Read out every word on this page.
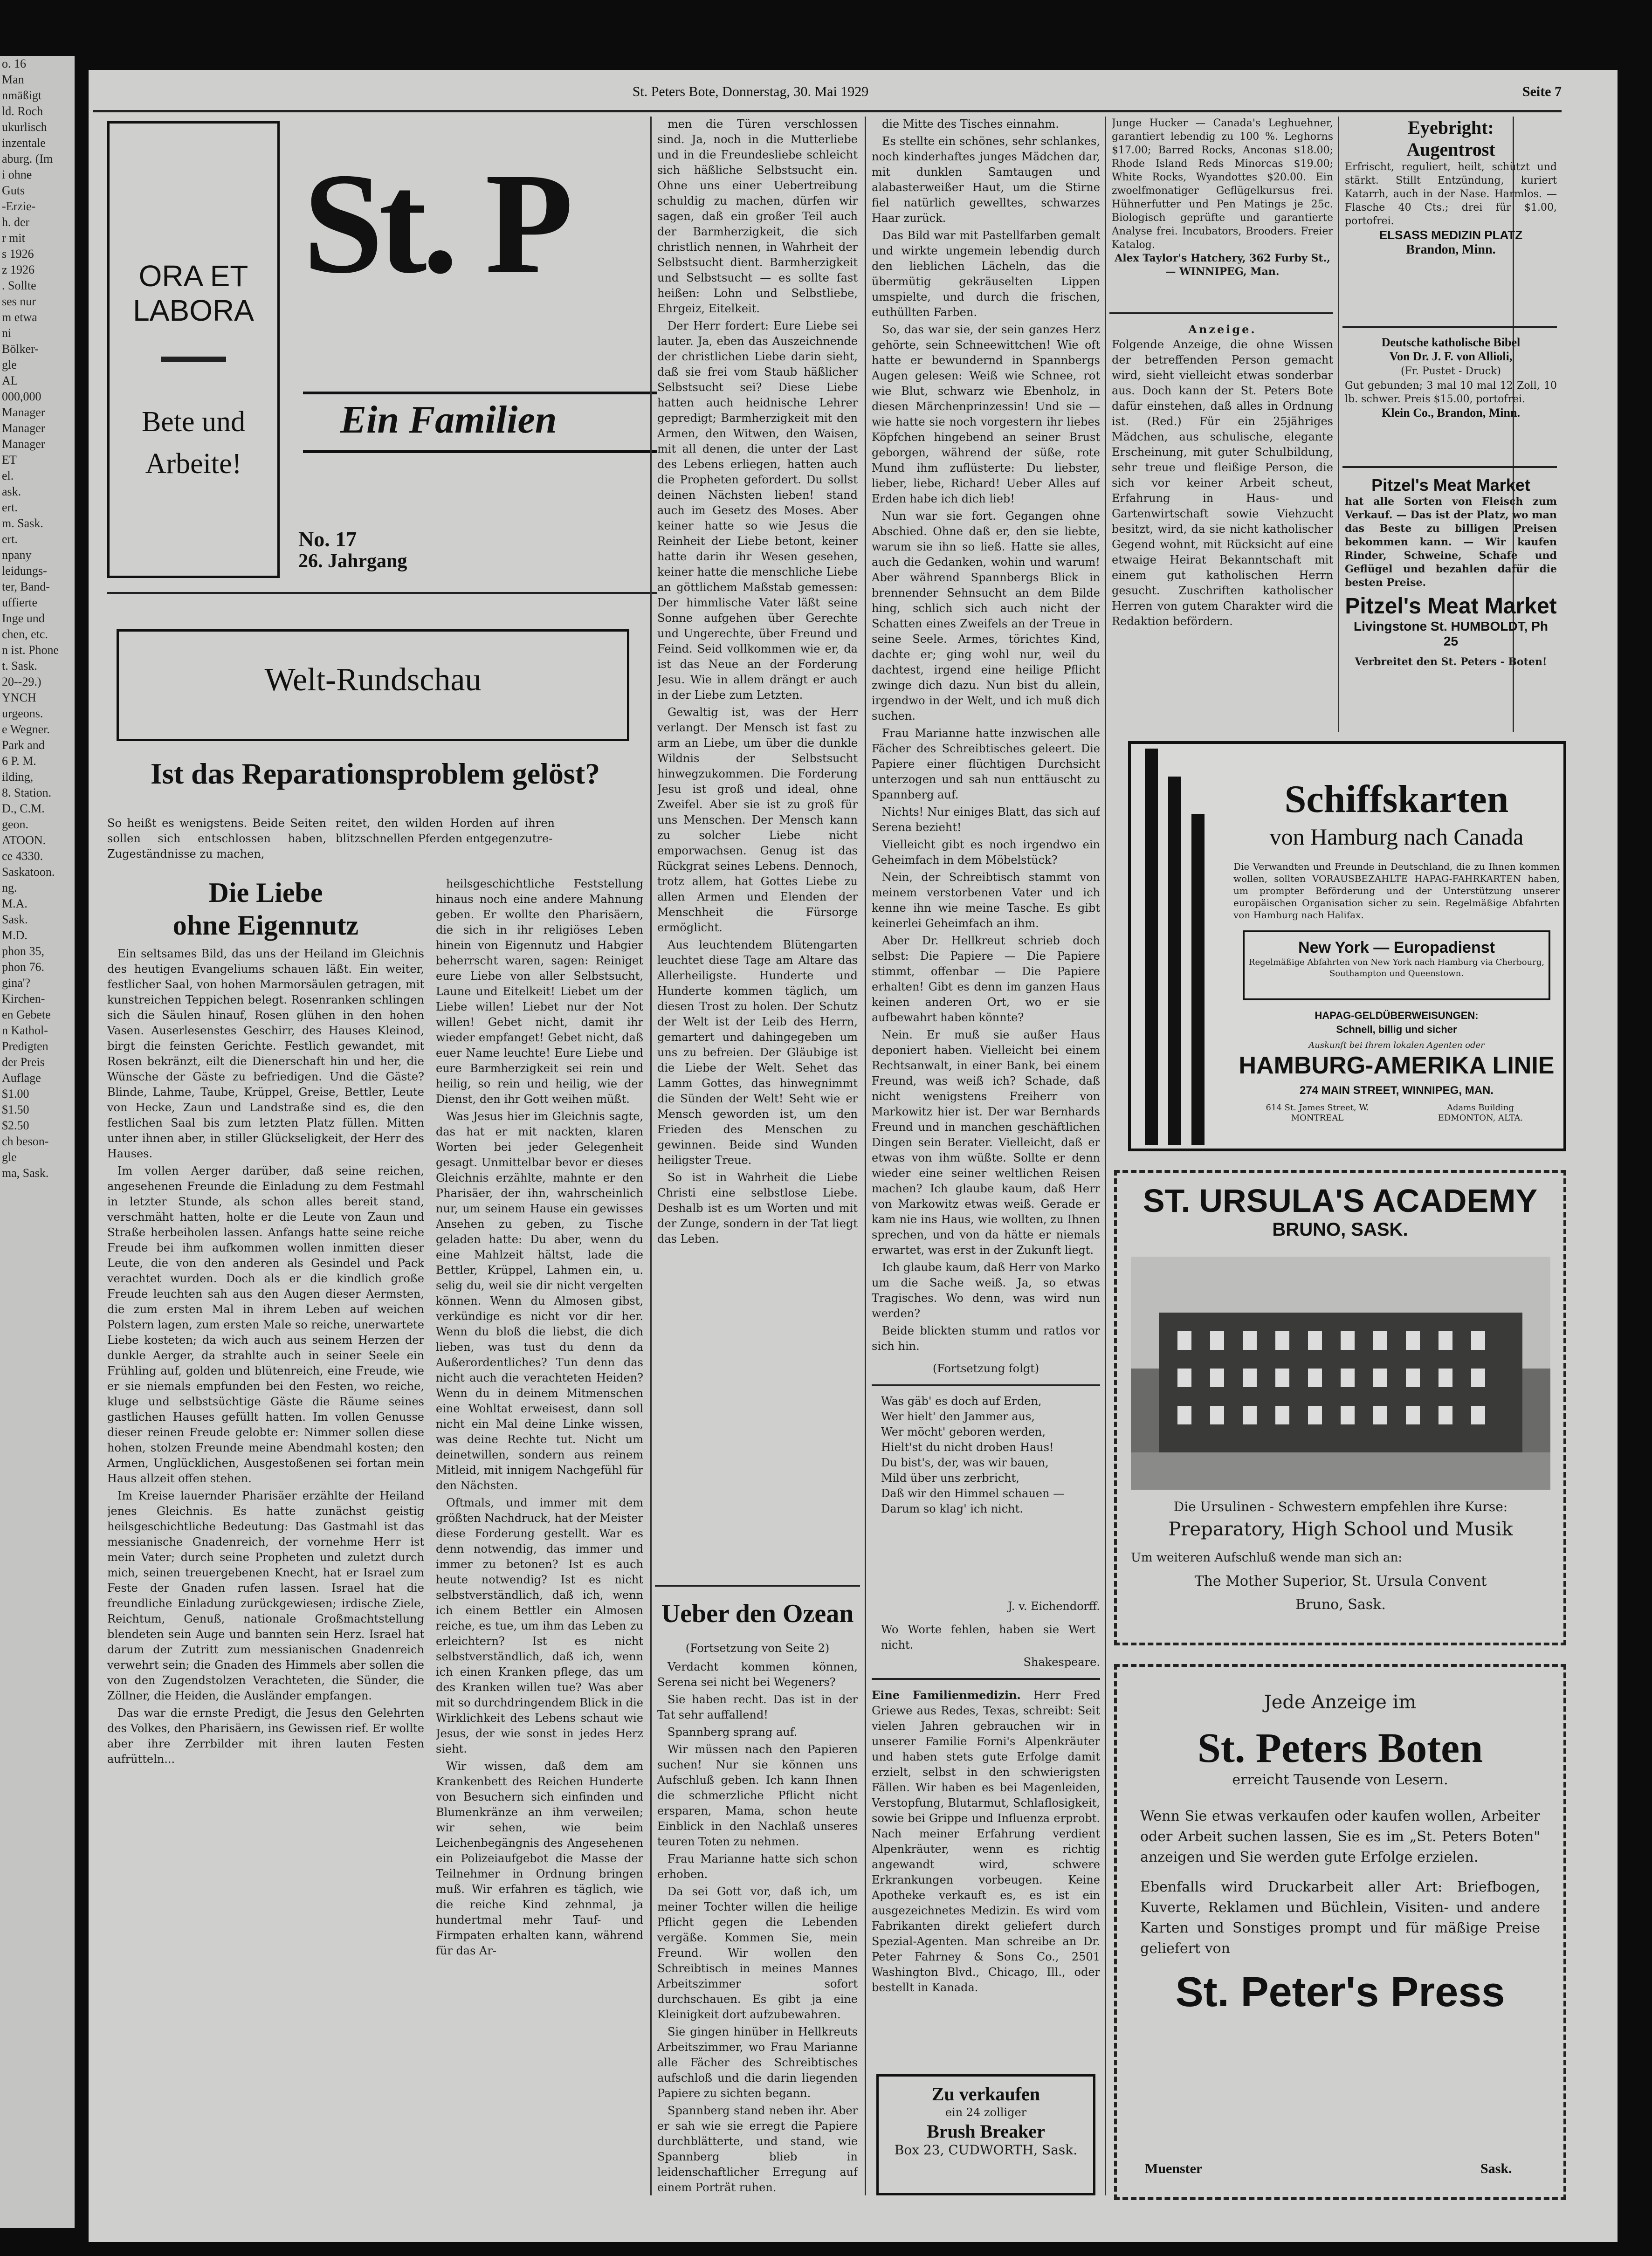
o. 16
Man
nmäßigt
ld. Roch
ukurlisch
inzentale
aburg. (Im
i ohne
Guts
-Erzie-
h. der
r mit
s 1926
z 1926
. Sollte
ses nur
m etwa
ni
Bölker-
gle
AL
000,000
Manager
Manager
Manager
ET
el.
ask.
ert.
m. Sask.
ert.
npany
leidungs-
ter, Band-
uffierte
Inge und
chen, etc.
n ist. Phone
t. Sask.
20--29.)
YNCH
urgeons.
e Wegner.
Park and
6 P. M.
ilding,
8. Station.
D., C.M.
geon.
ATOON.
ce 4330.
Saskatoon.
ng.
M.A.
Sask.
M.D.
phon 35,
phon 76.
gina'?
Kirchen-
en Gebete
n Kathol-
Predigten
der Preis
Auflage
$1.00
$1.50
$2.50
ch beson-
gle
ma, Sask.
St. Peters Bote, Donnerstag, 30. Mai 1929	Seite 7
ORA ET
LABORA
Bete und
Arbeite!
St. P
Ein Familien
No. 17
26. Jahrgang
Welt-Rundschau
Ist das Reparationsproblem gelöst?
So heißt es wenigstens. Beide Seiten sollen sich entschlossen haben, Zugeständnisse zu machen,
reitet, den wilden Horden auf ihren blitzschnellen Pferden entgegenzutre-
Die Liebe
ohne Eigennutz

Ein seltsames Bild, das uns der Heiland im Gleichnis des heutigen Evangeliums schauen läßt. Ein weiter, festlicher Saal, von hohen Marmorsäulen getragen, mit kunstreichen Teppichen belegt. Rosenranken schlingen sich die Säulen hinauf, Rosen glühen in den hohen Vasen. Auserlesenstes Geschirr, des Hauses Kleinod, birgt die feinsten Gerichte. Festlich gewandet, mit Rosen bekränzt, eilt die Dienerschaft hin und her, die Wünsche der Gäste zu befriedigen. Und die Gäste? Blinde, Lahme, Taube, Krüppel, Greise, Bettler, Leute von Hecke, Zaun und Landstraße sind es, die den festlichen Saal bis zum letzten Platz füllen. Mitten unter ihnen aber, in stiller Glückseligkeit, der Herr des Hauses.

Im vollen Aerger darüber, daß seine reichen, angesehenen Freunde die Einladung zu dem Festmahl in letzter Stunde, als schon alles bereit stand, verschmäht hatten, holte er die Leute von Zaun und Straße herbeiholen lassen. Anfangs hatte seine reiche Freude bei ihm aufkommen wollen inmitten dieser Leute, die von den anderen als Gesindel und Pack verachtet wurden. Doch als er die kindlich große Freude leuchten sah aus den Augen dieser Aermsten, die zum ersten Mal in ihrem Leben auf weichen Polstern lagen, zum ersten Male so reiche, unerwartete Liebe kosteten; da wich auch aus seinem Herzen der dunkle Aerger, da strahlte auch in seiner Seele ein Frühling auf, golden und blütenreich, eine Freude, wie er sie niemals empfunden bei den Festen, wo reiche, kluge und selbstsüchtige Gäste die Räume seines gastlichen Hauses gefüllt hatten. Im vollen Genusse dieser reinen Freude gelobte er: Nimmer sollen diese hohen, stolzen Freunde meine Abendmahl kosten; den Armen, Unglücklichen, Ausgestoßenen sei fortan mein Haus allzeit offen stehen.

Im Kreise lauernder Pharisäer erzählte der Heiland jenes Gleichnis. Es hatte zunächst geistig heilsgeschichtliche Bedeutung: Das Gastmahl ist das messianische Gnadenreich, der vornehme Herr ist mein Vater; durch seine Propheten und zuletzt durch mich, seinen treuergebenen Knecht, hat er Israel zum Feste der Gnaden rufen lassen. Israel hat die freundliche Einladung zurückgewiesen; irdische Ziele, Reichtum, Genuß, nationale Großmachtstellung blendeten sein Auge und bannten sein Herz. Israel hat darum der Zutritt zum messianischen Gnadenreich verwehrt sein; die Gnaden des Himmels aber sollen die von den Zugendstolzen Verachteten, die Sünder, die Zöllner, die Heiden, die Ausländer empfangen.

Das war die ernste Predigt, die Jesus den Gelehrten des Volkes, den Pharisäern, ins Gewissen rief. Er wollte aber ihre Zerrbilder mit ihren lauten Festen aufrütteln...

heilsgeschichtliche Feststellung hinaus noch eine andere Mahnung geben. Er wollte den Pharisäern, die sich in ihr religiöses Leben hinein von Eigennutz und Habgier beherrscht waren, sagen: Reiniget eure Liebe von aller Selbstsucht, Laune und Eitelkeit! Liebet um der Liebe willen! Liebet nur der Not willen! Gebet nicht, damit ihr wieder empfanget! Gebet nicht, daß euer Name leuchte! Eure Liebe und eure Barmherzigkeit sei rein und heilig, so rein und heilig, wie der Dienst, den ihr Gott weihen müßt.

Was Jesus hier im Gleichnis sagte, das hat er mit nackten, klaren Worten bei jeder Gelegenheit gesagt. Unmittelbar bevor er dieses Gleichnis erzählte, mahnte er den Pharisäer, der ihn, wahrscheinlich nur, um seinem Hause ein gewisses Ansehen zu geben, zu Tische geladen hatte: Du aber, wenn du eine Mahlzeit hältst, lade die Bettler, Krüppel, Lahmen ein, u. selig du, weil sie dir nicht vergelten können. Wenn du Almosen gibst, verkündige es nicht vor dir her. Wenn du bloß die liebst, die dich lieben, was tust du denn da Außerordentliches? Tun denn das nicht auch die verachteten Heiden? Wenn du in deinem Mitmenschen eine Wohltat erweisest, dann soll nicht ein Mal deine Linke wissen, was deine Rechte tut. Nicht um deinetwillen, sondern aus reinem Mitleid, mit innigem Nachgefühl für den Nächsten.

Oftmals, und immer mit dem größten Nachdruck, hat der Meister diese Forderung gestellt. War es denn notwendig, das immer und immer zu betonen? Ist es auch heute notwendig? Ist es nicht selbstverständlich, daß ich, wenn ich einem Bettler ein Almosen reiche, es tue, um ihm das Leben zu erleichtern? Ist es nicht selbstverständlich, daß ich, wenn ich einen Kranken pflege, das um des Kranken willen tue? Was aber mit so durchdringendem Blick in die Wirklichkeit des Lebens schaut wie Jesus, der wie sonst in jedes Herz sieht.

Wir wissen, daß dem am Krankenbett des Reichen Hunderte von Besuchern sich einfinden und Blumenkränze an ihm verweilen; wir sehen, wie beim Leichenbegängnis des Angesehenen ein Polizeiaufgebot die Masse der Teilnehmer in Ordnung bringen muß. Wir erfahren es täglich, wie die reiche Kind zehnmal, ja hundertmal mehr Tauf- und Firmpaten erhalten kann, während für das Ar-

men die Türen verschlossen sind. Ja, noch in die Mutterliebe und in die Freundesliebe schleicht sich häßliche Selbstsucht ein. Ohne uns einer Uebertreibung schuldig zu machen, dürfen wir sagen, daß ein großer Teil auch der Barmherzigkeit, die sich christlich nennen, in Wahrheit der Selbstsucht dient. Barmherzigkeit und Selbstsucht — es sollte fast heißen: Lohn und Selbstliebe, Ehrgeiz, Eitelkeit.

Der Herr fordert: Eure Liebe sei lauter. Ja, eben das Auszeichnende der christlichen Liebe darin sieht, daß sie frei vom Staub häßlicher Selbstsucht sei? Diese Liebe hatten auch heidnische Lehrer gepredigt; Barmherzigkeit mit den Armen, den Witwen, den Waisen, mit all denen, die unter der Last des Lebens erliegen, hatten auch die Propheten gefordert. Du sollst deinen Nächsten lieben! stand auch im Gesetz des Moses. Aber keiner hatte so wie Jesus die Reinheit der Liebe betont, keiner hatte darin ihr Wesen gesehen, keiner hatte die menschliche Liebe an göttlichem Maßstab gemessen: Der himmlische Vater läßt seine Sonne aufgehen über Gerechte und Ungerechte, über Freund und Feind. Seid vollkommen wie er, da ist das Neue an der Forderung Jesu. Wie in allem drängt er auch in der Liebe zum Letzten.

Gewaltig ist, was der Herr verlangt. Der Mensch ist fast zu arm an Liebe, um über die dunkle Wildnis der Selbstsucht hinwegzukommen. Die Forderung Jesu ist groß und ideal, ohne Zweifel. Aber sie ist zu groß für uns Menschen. Der Mensch kann zu solcher Liebe nicht emporwachsen. Genug ist das Rückgrat seines Lebens. Dennoch, trotz allem, hat Gottes Liebe zu allen Armen und Elenden der Menschheit die Fürsorge ermöglicht.

Aus leuchtendem Blütengarten leuchtet diese Tage am Altare das Allerheiligste. Hunderte und Hunderte kommen täglich, um diesen Trost zu holen. Der Schutz der Welt ist der Leib des Herrn, gemartert und dahingegeben um uns zu befreien. Der Gläubige ist die Liebe der Welt. Sehet das Lamm Gottes, das hinwegnimmt die Sünden der Welt! Seht wie er Mensch geworden ist, um den Frieden des Menschen zu gewinnen. Beide sind Wunden heiligster Treue.

So ist in Wahrheit die Liebe Christi eine selbstlose Liebe. Deshalb ist es um Worten und mit der Zunge, sondern in der Tat liegt das Leben.

Ueber den Ozean
(Fortsetzung von Seite 2)

Verdacht kommen können, Serena sei nicht bei Wegeners?

Sie haben recht. Das ist in der Tat sehr auffallend!

Spannberg sprang auf.

Wir müssen nach den Papieren suchen! Nur sie können uns Aufschluß geben. Ich kann Ihnen die schmerzliche Pflicht nicht ersparen, Mama, schon heute Einblick in den Nachlaß unseres teuren Toten zu nehmen.

Frau Marianne hatte sich schon erhoben.

Da sei Gott vor, daß ich, um meiner Tochter willen die heilige Pflicht gegen die Lebenden vergäße. Kommen Sie, mein Freund. Wir wollen den Schreibtisch in meines Mannes Arbeitszimmer sofort durchschauen. Es gibt ja eine Kleinigkeit dort aufzubewahren.

Sie gingen hinüber in Hellkreuts Arbeitszimmer, wo Frau Marianne alle Fächer des Schreibtisches aufschloß und die darin liegenden Papiere zu sichten begann.

Spannberg stand neben ihr. Aber er sah wie sie erregt die Papiere durchblätterte, und stand, wie Spannberg blieb in leidenschaftlicher Erregung auf einem Porträt ruhen.

die Mitte des Tisches einnahm.

Es stellte ein schönes, sehr schlankes, noch kinderhaftes junges Mädchen dar, mit dunklen Samtaugen und alabasterweißer Haut, um die Stirne fiel natürlich gewelltes, schwarzes Haar zurück.

Das Bild war mit Pastellfarben gemalt und wirkte ungemein lebendig durch den lieblichen Lächeln, das die übermütig gekräuselten Lippen umspielte, und durch die frischen, euthüllten Farben.

So, das war sie, der sein ganzes Herz gehörte, sein Schneewittchen! Wie oft hatte er bewundernd in Spannbergs Augen gelesen: Weiß wie Schnee, rot wie Blut, schwarz wie Ebenholz, in diesen Märchenprinzessin! Und sie — wie hatte sie noch vorgestern ihr liebes Köpfchen hingebend an seiner Brust geborgen, während der süße, rote Mund ihm zuflüsterte: Du liebster, lieber, liebe, Richard! Ueber Alles auf Erden habe ich dich lieb!

Nun war sie fort. Gegangen ohne Abschied. Ohne daß er, den sie liebte, warum sie ihn so ließ. Hatte sie alles, auch die Gedanken, wohin und warum! Aber während Spannbergs Blick in brennender Sehnsucht an dem Bilde hing, schlich sich auch nicht der Schatten eines Zweifels an der Treue in seine Seele. Armes, törichtes Kind, dachte er; ging wohl nur, weil du dachtest, irgend eine heilige Pflicht zwinge dich dazu. Nun bist du allein, irgendwo in der Welt, und ich muß dich suchen.

Frau Marianne hatte inzwischen alle Fächer des Schreibtisches geleert. Die Papiere einer flüchtigen Durchsicht unterzogen und sah nun enttäuscht zu Spannberg auf.

Nichts! Nur einiges Blatt, das sich auf Serena bezieht!

Vielleicht gibt es noch irgendwo ein Geheimfach in dem Möbelstück?

Nein, der Schreibtisch stammt von meinem verstorbenen Vater und ich kenne ihn wie meine Tasche. Es gibt keinerlei Geheimfach an ihm.

Aber Dr. Hellkreut schrieb doch selbst: Die Papiere — Die Papiere stimmt, offenbar — Die Papiere erhalten! Gibt es denn im ganzen Haus keinen anderen Ort, wo er sie aufbewahrt haben könnte?

Nein. Er muß sie außer Haus deponiert haben. Vielleicht bei einem Rechtsanwalt, in einer Bank, bei einem Freund, was weiß ich? Schade, daß nicht wenigstens Freiherr von Markowitz hier ist. Der war Bernhards Freund und in manchen geschäftlichen Dingen sein Berater. Vielleicht, daß er etwas von ihm wüßte. Sollte er denn wieder eine seiner weltlichen Reisen machen? Ich glaube kaum, daß Herr von Markowitz etwas weiß. Gerade er kam nie ins Haus, wie wollten, zu Ihnen sprechen, und von da hätte er niemals erwartet, was erst in der Zukunft liegt.

Ich glaube kaum, daß Herr von Marko um die Sache weiß. Ja, so etwas Tragisches. Wo denn, was wird nun werden?

Beide blickten stumm und ratlos vor sich hin.

(Fortsetzung folgt)
Was gäb' es doch auf Erden,
Wer hielt' den Jammer aus,
Wer möcht' geboren werden,
Hielt'st du nicht droben Haus!
Du bist's, der, was wir bauen,
Mild über uns zerbricht,
Daß wir den Himmel schauen —
Darum so klag' ich nicht.
J. v. Eichendorff.
Wo Worte fehlen, haben sie Wert nicht.
Shakespeare.
Eine Familienmedizin. Herr Fred Griewe aus Redes, Texas, schreibt: Seit vielen Jahren gebrauchen wir in unserer Familie Forni's Alpenkräuter und haben stets gute Erfolge damit erzielt, selbst in den schwierigsten Fällen. Wir haben es bei Magenleiden, Verstopfung, Blutarmut, Schlaflosigkeit, sowie bei Grippe und Influenza erprobt. Nach meiner Erfahrung verdient Alpenkräuter, wenn es richtig angewandt wird, schwere Erkrankungen vorbeugen. Keine Apotheke verkauft es, es ist ein ausgezeichnetes Medizin. Es wird vom Fabrikanten direkt geliefert durch Spezial-Agenten. Man schreibe an Dr. Peter Fahrney & Sons Co., 2501 Washington Blvd., Chicago, Ill., oder bestellt in Kanada.
Zu verkaufen
ein 24 zolliger
Brush Breaker
Box 23, CUDWORTH, Sask.
Junge Hucker — Canada's Leghuehner, garantiert lebendig zu 100 %. Leghorns $17.00; Barred Rocks, Anconas $18.00; Rhode Island Reds Minorcas $19.00; White Rocks, Wyandottes $20.00. Ein zwoelfmonatiger Geflügelkursus frei. Hühnerfutter und Pen Matings je 25c. Biologisch geprüfte und garantierte Analyse frei. Incubators, Brooders. Freier Katalog.
Alex Taylor's Hatchery, 362 Furby St., — WINNIPEG, Man.
Anzeige.
Folgende Anzeige, die ohne Wissen der betreffenden Person gemacht wird, sieht vielleicht etwas sonderbar aus. Doch kann der St. Peters Bote dafür einstehen, daß alles in Ordnung ist. (Red.) Für ein 25jähriges Mädchen, aus schulische, elegante Erscheinung, mit guter Schulbildung, sehr treue und fleißige Person, die sich vor keiner Arbeit scheut, Erfahrung in Haus- und Gartenwirtschaft sowie Viehzucht besitzt, wird, da sie nicht katholischer Gegend wohnt, mit Rücksicht auf eine etwaige Heirat Bekanntschaft mit einem gut katholischen Herrn gesucht. Zuschriften katholischer Herren von gutem Charakter wird die Redaktion befördern.
Eyebright:
Augentrost
Erfrischt, reguliert, heilt, schützt und stärkt. Stillt Entzündung, kuriert Katarrh, auch in der Nase. Harmlos. — Flasche 40 Cts.; drei für $1.00, portofrei.
ELSASS MEDIZIN PLATZ
Brandon, Minn.
Deutsche katholische Bibel
Von Dr. J. F. von Allioli,
(Fr. Pustet - Druck)
Gut gebunden; 3 mal 10 mal 12 Zoll, 10 lb. schwer. Preis $15.00, portofrei.
Klein Co., Brandon, Minn.
Pitzel's Meat Market
hat alle Sorten von Fleisch zum Verkauf. — Das ist der Platz, wo man das Beste zu billigen Preisen bekommen kann. — Wir kaufen Rinder, Schweine, Schafe und Geflügel und bezahlen dafür die besten Preise.
Pitzel's Meat Market
Livingstone St. HUMBOLDT, Ph 25
Verbreitet den St. Peters - Boten!
Schiffskarten
von Hamburg nach Canada
Die Verwandten und Freunde in Deutschland, die zu Ihnen kommen wollen, sollten VORAUSBEZAHLTE HAPAG-FAHRKARTEN haben, um prompter Beförderung und der Unterstützung unserer europäischen Organisation sicher zu sein. Regelmäßige Abfahrten von Hamburg nach Halifax.
New York — Europadienst
Regelmäßige Abfahrten von New York nach Hamburg via Cherbourg, Southampton und Queenstown.
HAPAG-GELDÜBERWEISUNGEN:
Schnell, billig und sicher
Auskunft bei Ihrem lokalen Agenten oder
HAMBURG-AMERIKA LINIE
274 MAIN STREET, WINNIPEG, MAN.
614 St. James Street, W.
MONTREAL
Adams Building
EDMONTON, ALTA.
ST. URSULA'S ACADEMY
BRUNO, SASK.
Die Ursulinen - Schwestern empfehlen ihre Kurse:
Preparatory, High School und Musik
Um weiteren Aufschluß wende man sich an:
The Mother Superior, St. Ursula Convent
Bruno, Sask.
Jede Anzeige im
St. Peters Boten
erreicht Tausende von Lesern.
Wenn Sie etwas verkaufen oder kaufen wollen, Arbeiter oder Arbeit suchen lassen, Sie es im „St. Peters Boten" anzeigen und Sie werden gute Erfolge erzielen.
Ebenfalls wird Druckarbeit aller Art: Briefbogen, Kuverte, Reklamen und Büchlein, Visiten- und andere Karten und Sonstiges prompt und für mäßige Preise geliefert von
St. Peter's Press
Muenster	Sask.
